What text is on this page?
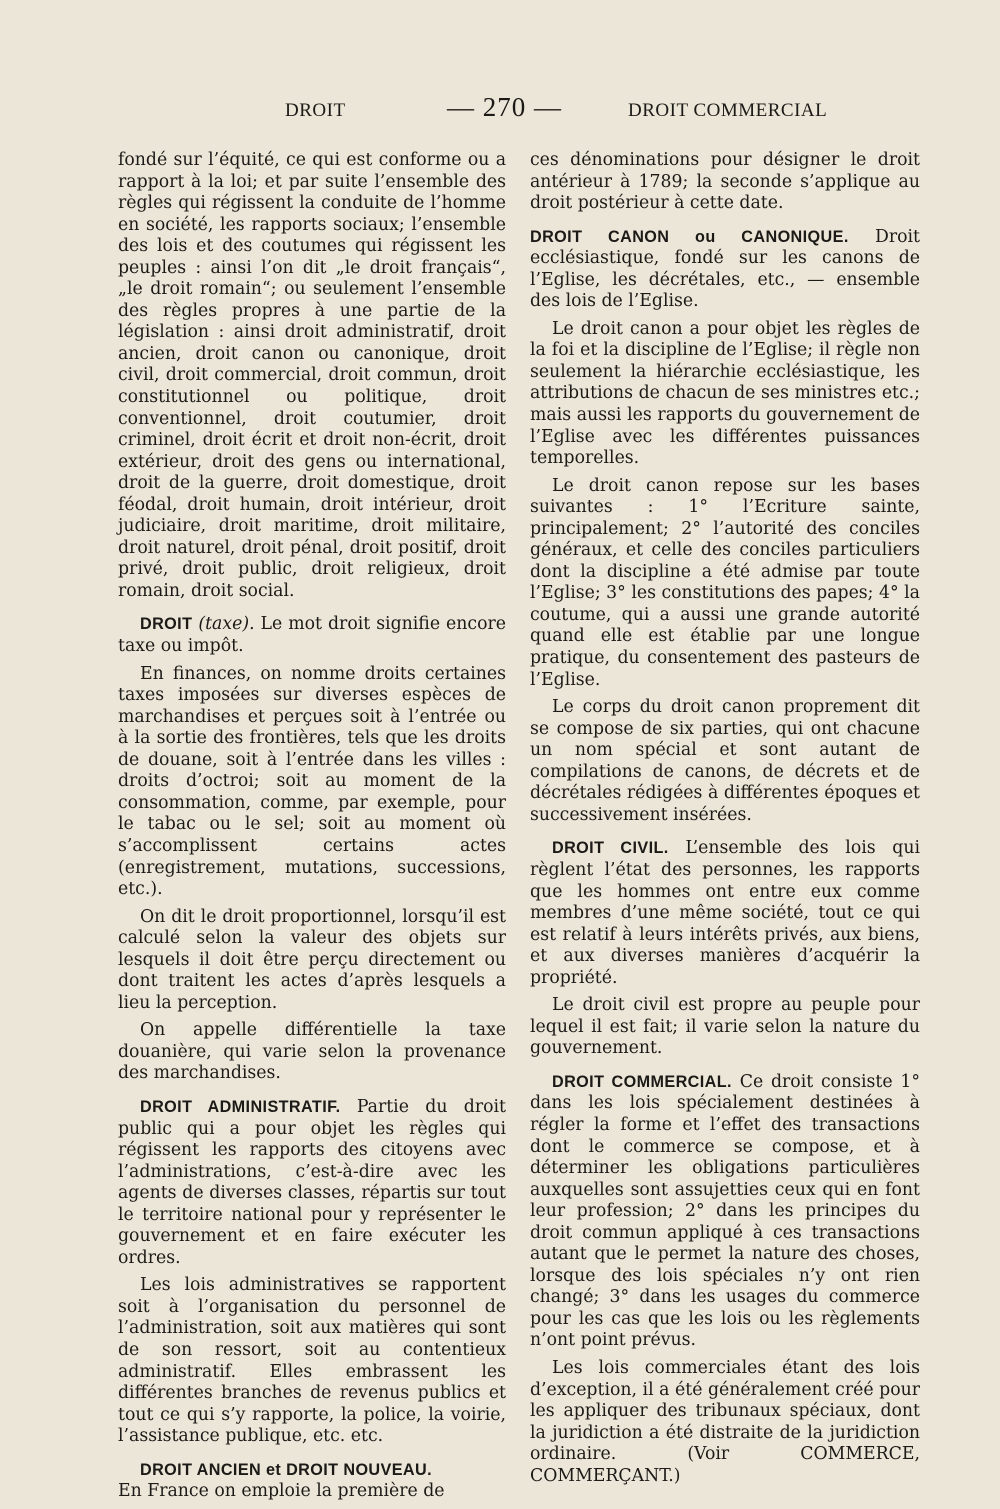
DROIT	— 270 —	DROIT COMMERCIAL

fondé sur l’équité, ce qui est conforme ou a rapport à la loi; et par suite l’ensemble des règles qui régissent la conduite de l’homme en société, les rapports sociaux; l’ensemble des lois et des coutumes qui régissent les peuples : ainsi l’on dit „le droit français“, „le droit romain“; ou seulement l’ensemble des règles propres à une partie de la législation : ainsi droit administratif, droit ancien, droit canon ou canonique, droit civil, droit commercial, droit commun, droit constitutionnel ou politique, droit conventionnel, droit coutumier, droit criminel, droit écrit et droit non-écrit, droit extérieur, droit des gens ou international, droit de la guerre, droit domestique, droit féodal, droit humain, droit intérieur, droit judiciaire, droit maritime, droit militaire, droit naturel, droit pénal, droit positif, droit privé, droit public, droit religieux, droit romain, droit social.

DROIT (taxe). Le mot droit signifie encore taxe ou impôt.

En finances, on nomme droits certaines taxes imposées sur diverses espèces de marchandises et perçues soit à l’entrée ou à la sortie des frontières, tels que les droits de douane, soit à l’entrée dans les villes : droits d’octroi; soit au moment de la consommation, comme, par exemple, pour le tabac ou le sel; soit au moment où s’accomplissent certains actes (enregistrement, mutations, successions, etc.).

On dit le droit proportionnel, lorsqu’il est calculé selon la valeur des objets sur lesquels il doit être perçu directement ou dont traitent les actes d’après lesquels a lieu la perception.

On appelle différentielle la taxe douanière, qui varie selon la provenance des marchandises.

DROIT ADMINISTRATIF. Partie du droit public qui a pour objet les règles qui régissent les rapports des citoyens avec l’administrations, c’est-à-dire avec les agents de diverses classes, répartis sur tout le territoire national pour y représenter le gouvernement et en faire exécuter les ordres.

Les lois administratives se rapportent soit à l’organisation du personnel de l’administration, soit aux matières qui sont de son ressort, soit au contentieux administratif. Elles embrassent les différentes branches de revenus publics et tout ce qui s’y rapporte, la police, la voirie, l’assistance publique, etc. etc.

DROIT ANCIEN et DROIT NOUVEAU.
En France on emploie la première de

ces dénominations pour désigner le droit antérieur à 1789; la seconde s’applique au droit postérieur à cette date.

DROIT CANON ou CANONIQUE. Droit ecclésiastique, fondé sur les canons de l’Eglise, les décrétales, etc., — ensemble des lois de l’Eglise.

Le droit canon a pour objet les règles de la foi et la discipline de l’Eglise; il règle non seulement la hiérarchie ecclésiastique, les attributions de chacun de ses ministres etc.; mais aussi les rapports du gouvernement de l’Eglise avec les différentes puissances temporelles.

Le droit canon repose sur les bases suivantes : 1° l’Ecriture sainte, principalement; 2° l’autorité des conciles généraux, et celle des conciles particuliers dont la discipline a été admise par toute l’Eglise; 3° les constitutions des papes; 4° la coutume, qui a aussi une grande autorité quand elle est établie par une longue pratique, du consentement des pasteurs de l’Eglise.

Le corps du droit canon proprement dit se compose de six parties, qui ont chacune un nom spécial et sont autant de compilations de canons, de décrets et de décrétales rédigées à différentes époques et successivement insérées.

DROIT CIVIL. L’ensemble des lois qui règlent l’état des personnes, les rapports que les hommes ont entre eux comme membres d’une même société, tout ce qui est relatif à leurs intérêts privés, aux biens, et aux diverses manières d’acquérir la propriété.

Le droit civil est propre au peuple pour lequel il est fait; il varie selon la nature du gouvernement.

DROIT COMMERCIAL. Ce droit consiste 1° dans les lois spécialement destinées à régler la forme et l’effet des transactions dont le commerce se compose, et à déterminer les obligations particulières auxquelles sont assujetties ceux qui en font leur profession; 2° dans les principes du droit commun appliqué à ces transactions autant que le permet la nature des choses, lorsque des lois spéciales n’y ont rien changé; 3° dans les usages du commerce pour les cas que les lois ou les règlements n’ont point prévus.

Les lois commerciales étant des lois d’exception, il a été généralement créé pour les appliquer des tribunaux spéciaux, dont la juridiction a été distraite de la juridiction ordinaire. (Voir COMMERCE, COMMERÇANT.)
